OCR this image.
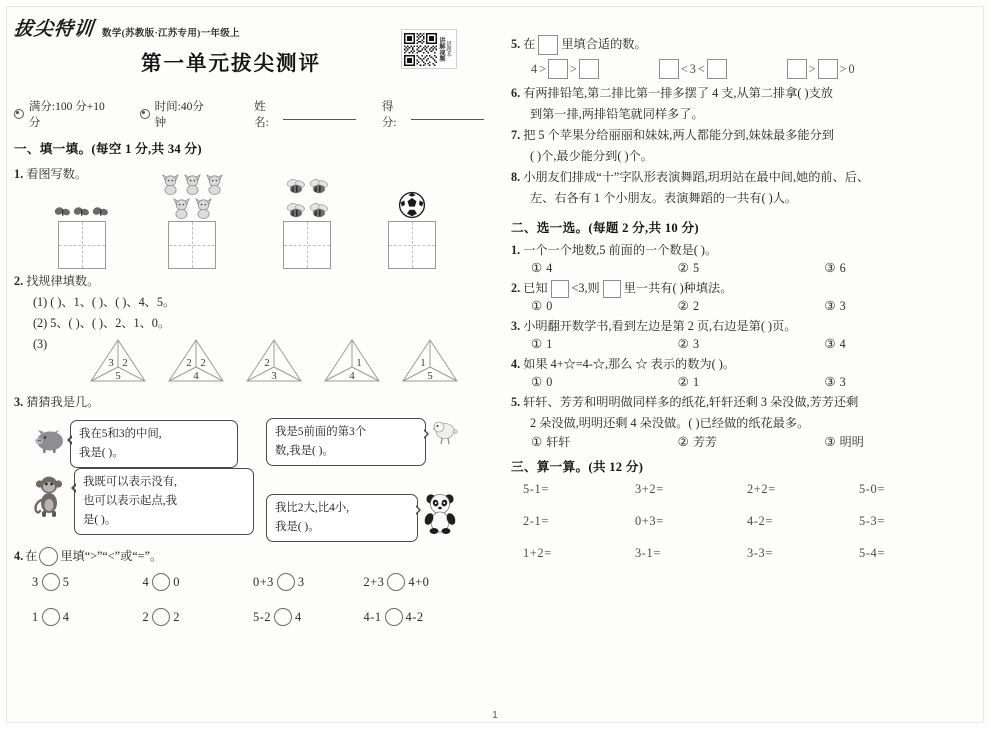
拔尖特训 数学(苏教版·江苏专用)一年级上
讲解视频 错题本
第一单元拔尖测评
满分:100 分+10 分
时间:40分钟
姓名:
得分:
一、填一填。(每空 1 分,共 34 分)
1. 看图写数。
2. 找规律填数。
(1) ( )、1、( )、( )、4、5。
(2) 5、( )、( )、2、1、0。
(3)
3 2
5
2 2
4
2
3
1
4
1
5
3. 猜猜我是几。
我在5和3的中间,
我是( )。
我是5前面的第3个
数,我是( )。
我既可以表示没有,
也可以表示起点,我
是( )。
我比2大,比4小,
我是( )。
4. 在 里填“>”“<”或“=”。
3 5	4 0	0+3 3	2+3 4+0
1 4	2 2	5-2 4	4-1 4-2
5. 在 里填合适的数。
4 > >	< 3 <	> > 0
6. 有两排铅笔,第二排比第一排多摆了 4 支,从第二排拿( )支放
到第一排,两排铅笔就同样多了。
7. 把 5 个苹果分给丽丽和妹妹,两人都能分到,妹妹最多能分到
( )个,最少能分到( )个。
8. 小朋友们排成“十”字队形表演舞蹈,玥玥站在最中间,她的前、后、
左、右各有 1 个小朋友。表演舞蹈的一共有( )人。
二、选一选。(每题 2 分,共 10 分)
1. 一个一个地数,5 前面的一个数是( )。
① 4	② 5	③ 6
2. 已知 <3,则 里一共有( )种填法。
① 0	② 2	③ 3
3. 小明翻开数学书,看到左边是第 2 页,右边是第( )页。
① 1	② 3	③ 4
4. 如果 4+☆=4-☆,那么 ☆ 表示的数为( )。
① 0	② 1	③ 3
5. 轩轩、芳芳和明明做同样多的纸花,轩轩还剩 3 朵没做,芳芳还剩
2 朵没做,明明还剩 4 朵没做。( )已经做的纸花最多。
① 轩轩	② 芳芳	③ 明明
三、算一算。(共 12 分)
5-1=	3+2=	2+2=	5-0=
2-1=	0+3=	4-2=	5-3=
1+2=	3-1=	3-3=	5-4=
1
